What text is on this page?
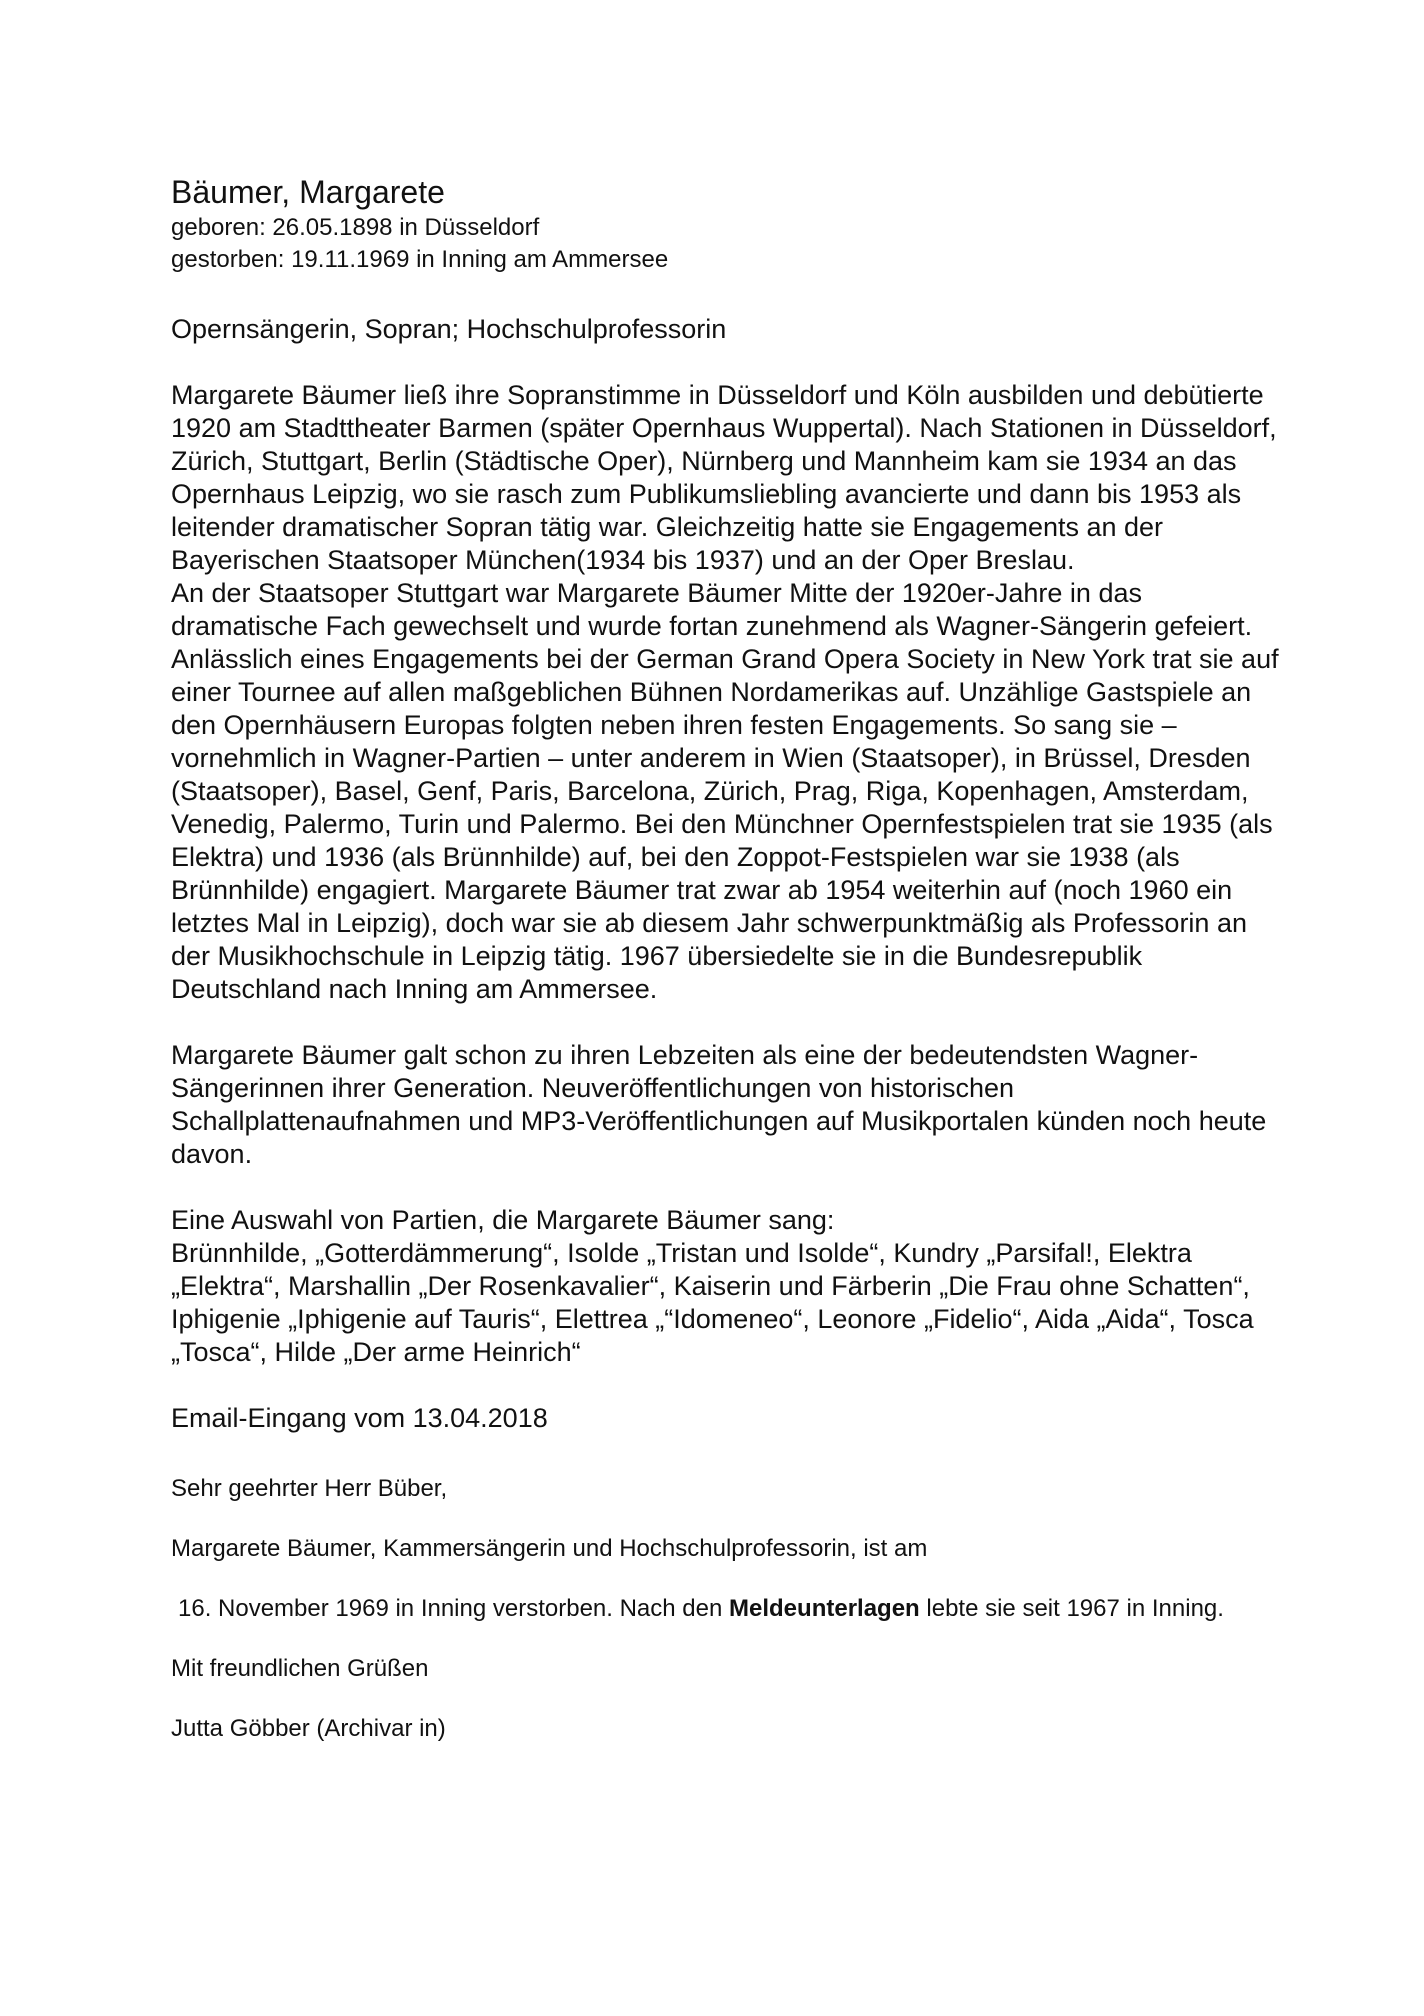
Bäumer, Margarete

geboren: 26.05.1898 in Düsseldorf

gestorben: 19.11.1969 in Inning am Ammersee

Opernsängerin, Sopran; Hochschulprofessorin

Margarete Bäumer ließ ihre Sopranstimme in Düsseldorf und Köln ausbilden und debütierte 1920 am Stadttheater Barmen (später Opernhaus Wuppertal). Nach Stationen in Düsseldorf, Zürich, Stuttgart, Berlin (Städtische Oper), Nürnberg und Mannheim kam sie 1934 an das Opernhaus Leipzig, wo sie rasch zum Publikumsliebling avancierte und dann bis 1953 als leitender dramatischer Sopran tätig war. Gleichzeitig hatte sie Engagements an der Bayerischen Staatsoper München(1934 bis 1937) und an der Oper Breslau.

An der Staatsoper Stuttgart war Margarete Bäumer Mitte der 1920er-Jahre in das dramatische Fach gewechselt und wurde fortan zunehmend als Wagner-Sängerin gefeiert. Anlässlich eines Engagements bei der German Grand Opera Society in New York trat sie auf einer Tournee auf allen maßgeblichen Bühnen Nordamerikas auf. Unzählige Gastspiele an den Opernhäusern Europas folgten neben ihren festen Engagements. So sang sie – vornehmlich in Wagner-Partien – unter anderem in Wien (Staatsoper), in Brüssel, Dresden (Staatsoper), Basel, Genf, Paris, Barcelona, Zürich, Prag, Riga, Kopenhagen, Amsterdam, Venedig, Palermo, Turin und Palermo. Bei den Münchner Opernfestspielen trat sie 1935 (als Elektra) und 1936 (als Brünnhilde) auf, bei den Zoppot-Festspielen war sie 1938 (als Brünnhilde) engagiert. Margarete Bäumer trat zwar ab 1954 weiterhin auf (noch 1960 ein letztes Mal in Leipzig), doch war sie ab diesem Jahr schwerpunktmäßig als Professorin an der Musikhochschule in Leipzig tätig. 1967 übersiedelte sie in die Bundesrepublik Deutschland nach Inning am Ammersee.

Margarete Bäumer galt schon zu ihren Lebzeiten als eine der bedeutendsten Wagner-Sängerinnen ihrer Generation. Neuveröffentlichungen von historischen Schallplattenaufnahmen und MP3-Veröffentlichungen auf Musikportalen künden noch heute davon.

Eine Auswahl von Partien, die Margarete Bäumer sang:

Brünnhilde, „Gotterdämmerung“, Isolde „Tristan und Isolde“, Kundry „Parsifal!, Elektra „Elektra“, Marshallin „Der Rosenkavalier“, Kaiserin und Färberin „Die Frau ohne Schatten“, Iphigenie „Iphigenie auf Tauris“, Elettrea „“Idomeneo“, Leonore „Fidelio“, Aida „Aida“, Tosca „Tosca“, Hilde „Der arme Heinrich“

Email-Eingang vom 13.04.2018

Sehr geehrter Herr Büber,

Margarete Bäumer, Kammersängerin und Hochschulprofessorin, ist am

16. November 1969 in Inning verstorben. Nach den Meldeunterlagen lebte sie seit 1967 in Inning.

Mit freundlichen Grüßen

Jutta Göbber (Archivar in)
